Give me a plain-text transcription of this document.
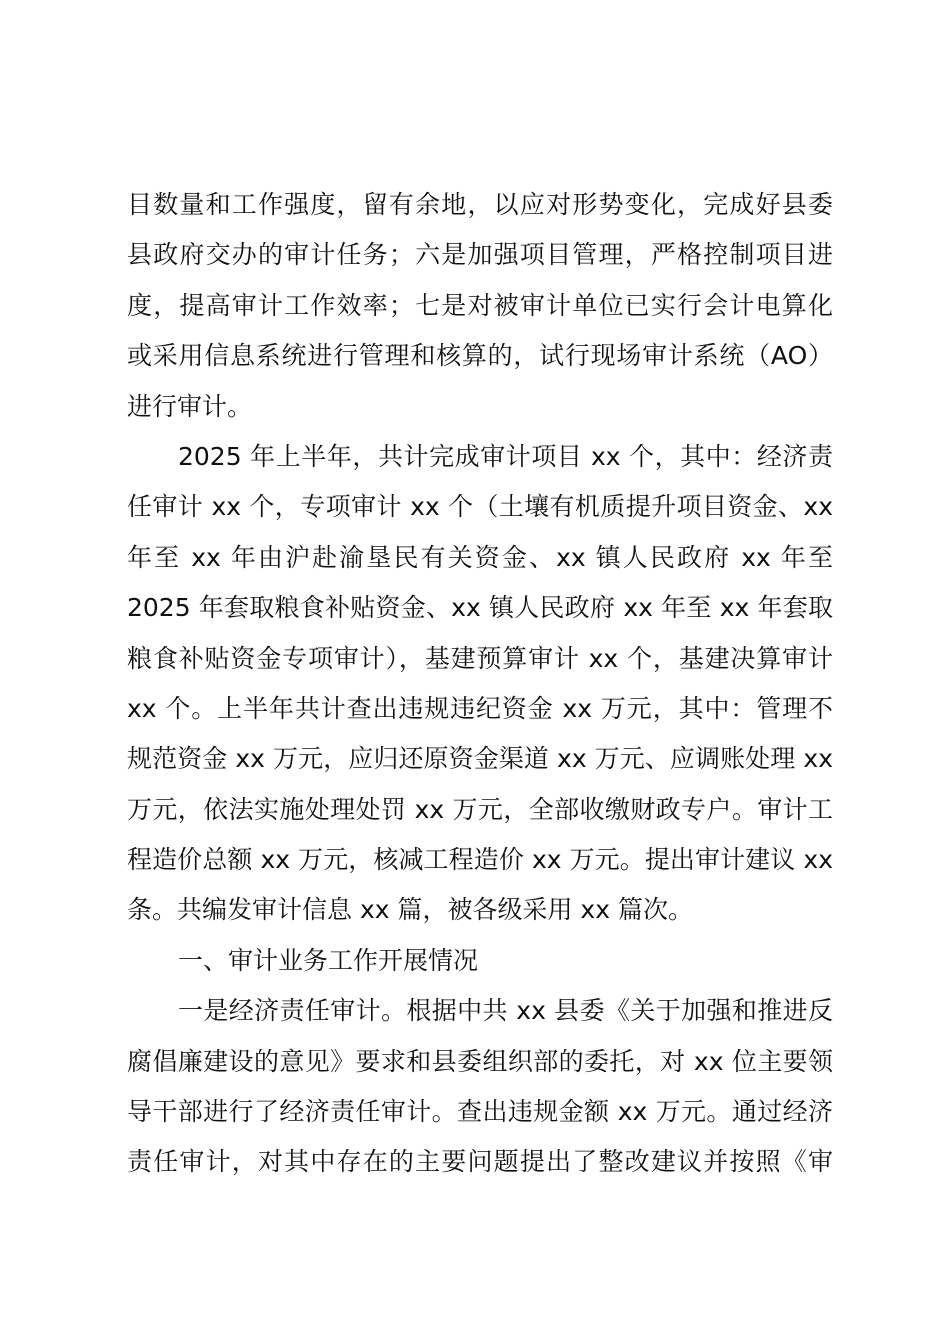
目数量和工作强度，留有余地，以应对形势变化，完成好县委
县政府交办的审计任务；六是加强项目管理，严格控制项目进
度，提高审计工作效率；七是对被审计单位已实行会计电算化
或采用信息系统进行管理和核算的，试行现场审计系统（AO）
进行审计。
2025 年上半年，共计完成审计项目 xx 个，其中：经济责
任审计 xx 个，专项审计 xx 个（土壤有机质提升项目资金、xx
年至 xx 年由沪赴渝垦民有关资金、xx 镇人民政府 xx 年至
2025 年套取粮食补贴资金、xx 镇人民政府 xx 年至 xx 年套取
粮食补贴资金专项审计），基建预算审计 xx 个，基建决算审计
xx 个。上半年共计查出违规违纪资金 xx 万元，其中：管理不
规范资金 xx 万元，应归还原资金渠道 xx 万元、应调账处理 xx
万元，依法实施处理处罚 xx 万元，全部收缴财政专户。审计工
程造价总额 xx 万元，核减工程造价 xx 万元。提出审计建议 xx
条。共编发审计信息 xx 篇，被各级采用 xx 篇次。
一、审计业务工作开展情况
一是经济责任审计。根据中共 xx 县委《关于加强和推进反
腐倡廉建设的意见》要求和县委组织部的委托，对 xx 位主要领
导干部进行了经济责任审计。查出违规金额 xx 万元。通过经济
责任审计，对其中存在的主要问题提出了整改建议并按照《审
